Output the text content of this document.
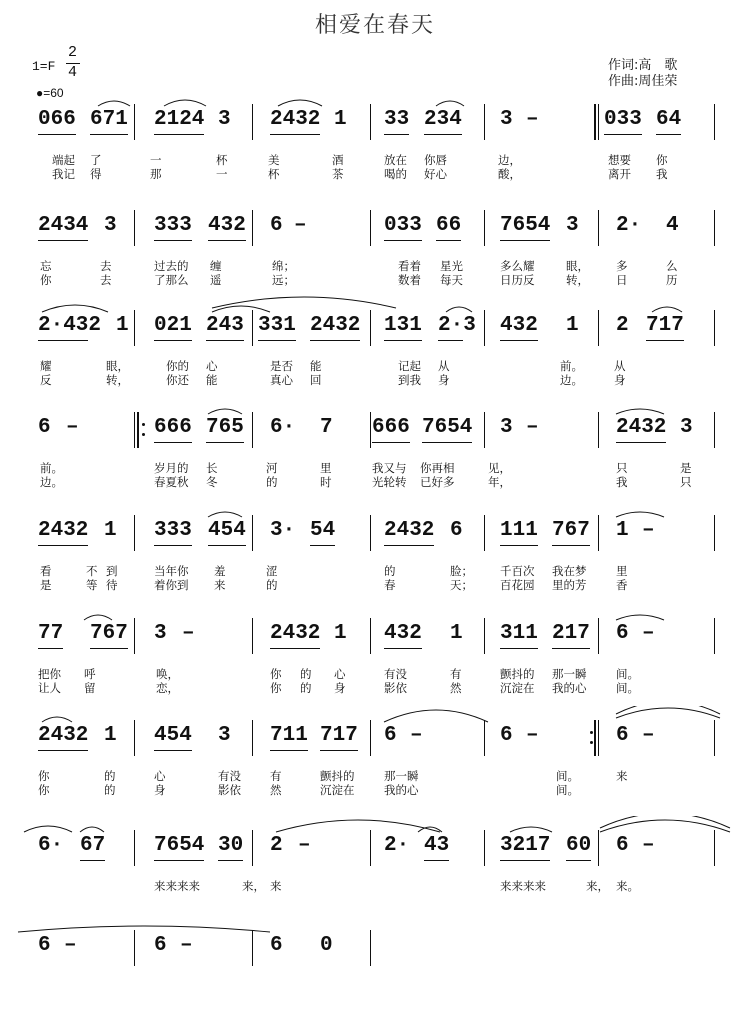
相爱在春天
1=F
2
4
●=60
作词:高　歌
作曲:周佳荣
066 671 2124 3 2432 1 33 234 3 –	033 64
端起 了	一	杯	美	酒	放在 你唇	边，	想要 你
我记 得	那	一	杯	茶	喝的 好心	酸，	离开 我
2434 3 333 432 6 –	033 66 7654 3 2· 4
忘	去	过去的 缠	绵；	看着 星光	多么耀	眼， 多	么
你	去	了那么 遥	远；	数着 每天	日历反	转， 日	历
2·432 1 021 243 331 2432 131 2·3 432 1 2 717
耀	眼，	你的 心	是否 能	记起 从	前。	从
反	转，	你还 能	真心 回	到我 身	边。	身
6 –	666 765 6· 7 666 7654 3 –	2432 3
前。	岁月的 长	河	里	我又与 你再相	见，	只	是
边。	春夏秋 冬	的	时	光轮转 已好多	年，	我	只
2432 1 333 454 3· 54 2432 6 111 767 1 –
看	不 到	当年你 羞	涩	的	脸； 千百次 我在梦	里
是	等 待	着你到 来	的	春	天； 百花园 里的芳	香
77 767 3 –	2432 1 432 1 311 217 6 –
把你 呼	唤，	你 的 心	有没	有	颤抖的 那一瞬	间。
让人 留	恋，	你 的 身	影依	然	沉淀在 我的心	间。
2432 1 454 3 711 717 6 –	6 –	6 –
你	的	心	有没	有	颤抖的	那一瞬	间。	来
你	的	身	影依	然	沉淀在	我的心	间。
6· 67 7654 30 2 –	2· 43 3217 60 6 –
来来来来	来， 来	来来来来	来， 来。
6 –	6 –	6 0
